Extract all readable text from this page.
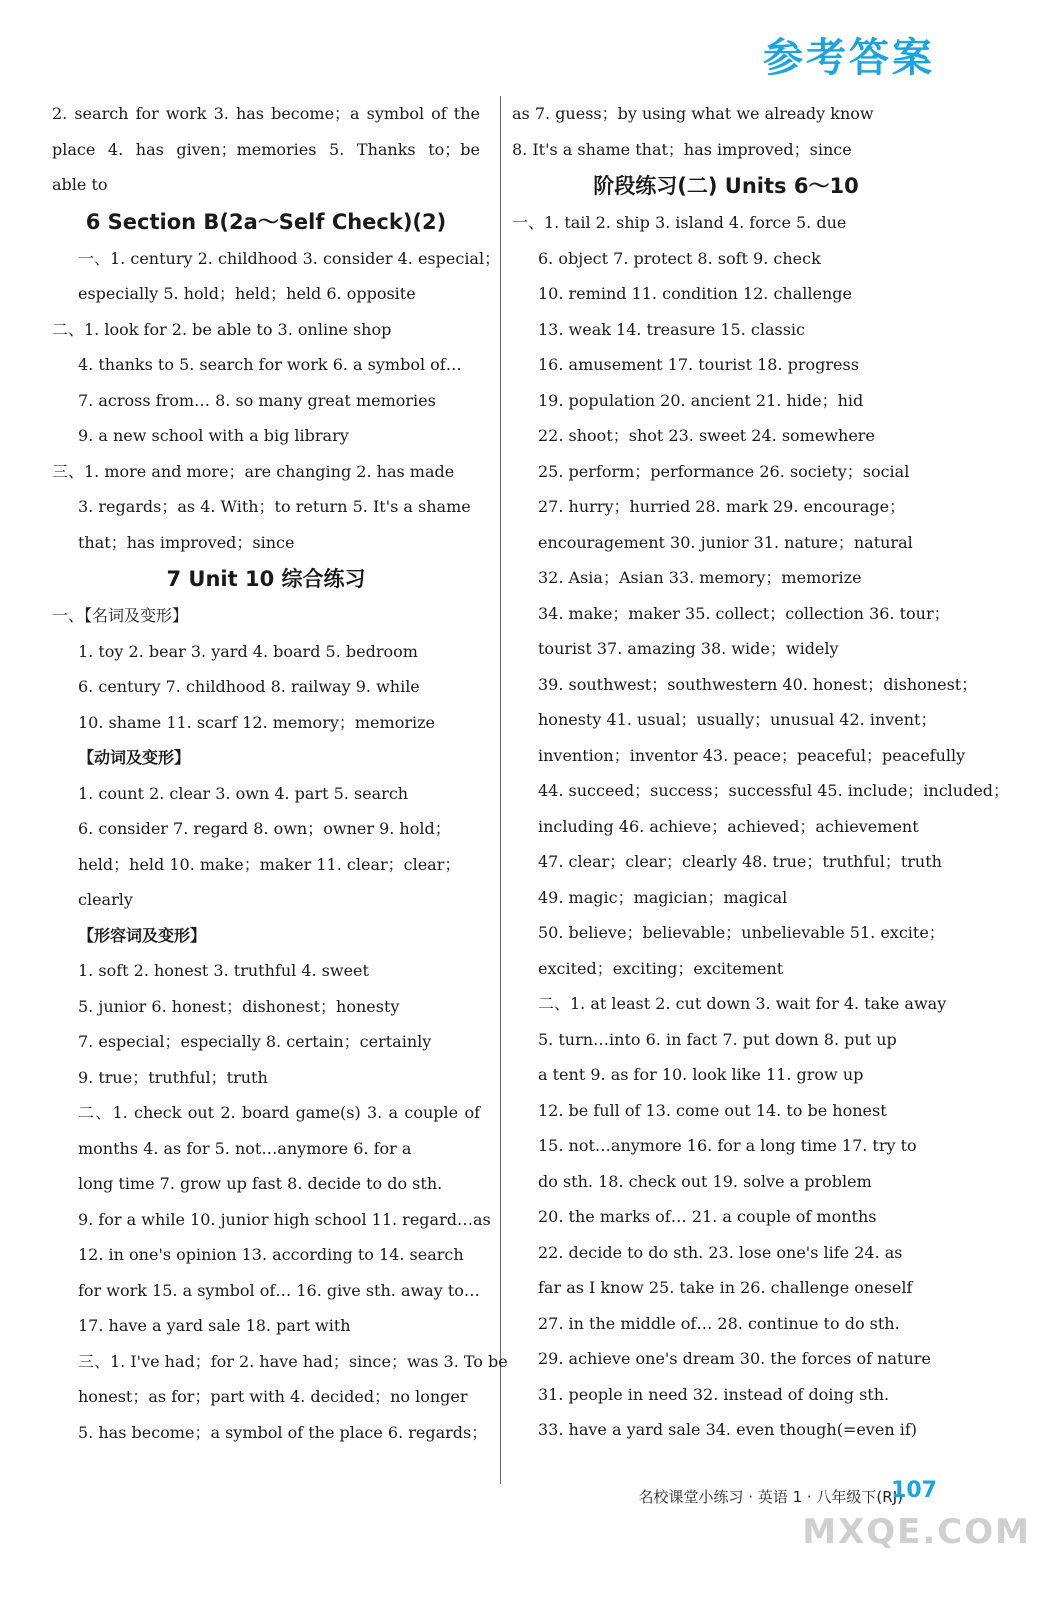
参考答案
2. search for work 3. has become；a symbol of the
place 4. has given；memories 5. Thanks to；be
able to
6 Section B(2a～Self Check)(2)
一、1. century 2. childhood 3. consider 4. especial；
especially 5. hold；held；held 6. opposite
二、1. look for 2. be able to 3. online shop
4. thanks to 5. search for work 6. a symbol of…
7. across from… 8. so many great memories
9. a new school with a big library
三、1. more and more；are changing 2. has made
3. regards；as 4. With；to return 5. It's a shame
that；has improved；since
7 Unit 10 综合练习
一、【名词及变形】
1. toy 2. bear 3. yard 4. board 5. bedroom
6. century 7. childhood 8. railway 9. while
10. shame 11. scarf 12. memory；memorize
【动词及变形】
1. count 2. clear 3. own 4. part 5. search
6. consider 7. regard 8. own；owner 9. hold；
held；held 10. make；maker 11. clear；clear；
clearly
【形容词及变形】
1. soft 2. honest 3. truthful 4. sweet
5. junior 6. honest；dishonest；honesty
7. especial；especially 8. certain；certainly
9. true；truthful；truth
二、1. check out 2. board game(s) 3. a couple of
months 4. as for 5. not…anymore 6. for a
long time 7. grow up fast 8. decide to do sth.
9. for a while 10. junior high school 11. regard…as
12. in one's opinion 13. according to 14. search
for work 15. a symbol of… 16. give sth. away to…
17. have a yard sale 18. part with
三、1. I've had；for 2. have had；since；was 3. To be
honest；as for；part with 4. decided；no longer
5. has become；a symbol of the place 6. regards；
as 7. guess；by using what we already know
8. It's a shame that；has improved；since
阶段练习(二) Units 6～10
一、1. tail 2. ship 3. island 4. force 5. due
6. object 7. protect 8. soft 9. check
10. remind 11. condition 12. challenge
13. weak 14. treasure 15. classic
16. amusement 17. tourist 18. progress
19. population 20. ancient 21. hide；hid
22. shoot；shot 23. sweet 24. somewhere
25. perform；performance 26. society；social
27. hurry；hurried 28. mark 29. encourage；
encouragement 30. junior 31. nature；natural
32. Asia；Asian 33. memory；memorize
34. make；maker 35. collect；collection 36. tour；
tourist 37. amazing 38. wide；widely
39. southwest；southwestern 40. honest；dishonest；
honesty 41. usual；usually；unusual 42. invent；
invention；inventor 43. peace；peaceful；peacefully
44. succeed；success；successful 45. include；included；
including 46. achieve；achieved；achievement
47. clear；clear；clearly 48. true；truthful；truth
49. magic；magician；magical
50. believe；believable；unbelievable 51. excite；
excited；exciting；excitement
二、1. at least 2. cut down 3. wait for 4. take away
5. turn…into 6. in fact 7. put down 8. put up
a tent 9. as for 10. look like 11. grow up
12. be full of 13. come out 14. to be honest
15. not…anymore 16. for a long time 17. try to
do sth. 18. check out 19. solve a problem
20. the marks of… 21. a couple of months
22. decide to do sth. 23. lose one's life 24. as
far as I know 25. take in 26. challenge oneself
27. in the middle of… 28. continue to do sth.
29. achieve one's dream 30. the forces of nature
31. people in need 32. instead of doing sth.
33. have a yard sale 34. even though(=even if)
名校课堂小练习 · 英语 1 · 八年级下(RJ)
107
MXQE.COM
